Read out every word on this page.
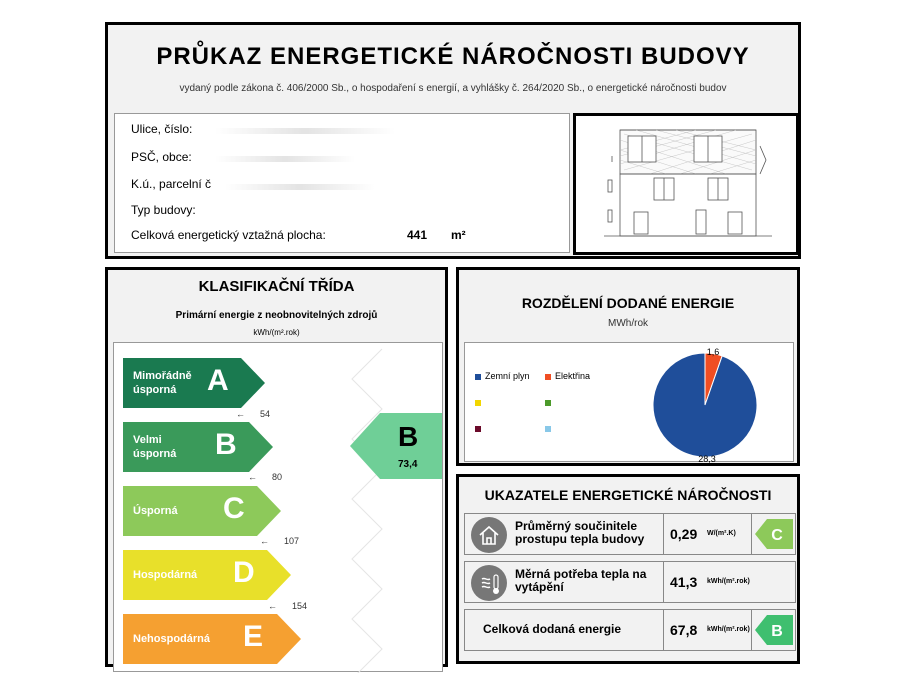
PRŮKAZ ENERGETICKÉ NÁROČNOSTI BUDOVY
vydaný podle zákona č. 406/2000 Sb., o hospodaření s energií, a vyhlášky č. 264/2020 Sb., o energetické náročnosti budov
Ulice, číslo:
PSČ, obce:
K.ú., parcelní č
Typ budovy:
Celková energetický vztažná plocha:	441 m²
KLASIFIKAČNÍ TŘÍDA
Primární energie z neobnovitelných zdrojů
kWh/(m².rok)
Mimořádně
úsporná A
← 54
Velmi
úsporná B
← 80
Úsporná C
← 107
Hospodárná D
← 154
Nehospodárná E
B
73,4
ROZDĚLENÍ DODANÉ ENERGIE
MWh/rok
Zemní plyn	Elektřina
1,6
28,3
UKAZATELE ENERGETICKÉ NÁROČNOSTI
Průměrný součinitele
prostupu tepla budovy 0,29 W/(m².K) C
Měrná potřeba tepla na
vytápění	41,3 kWh/(m².rok)
Celková dodaná energie	67,8 kWh/(m².rok) B
